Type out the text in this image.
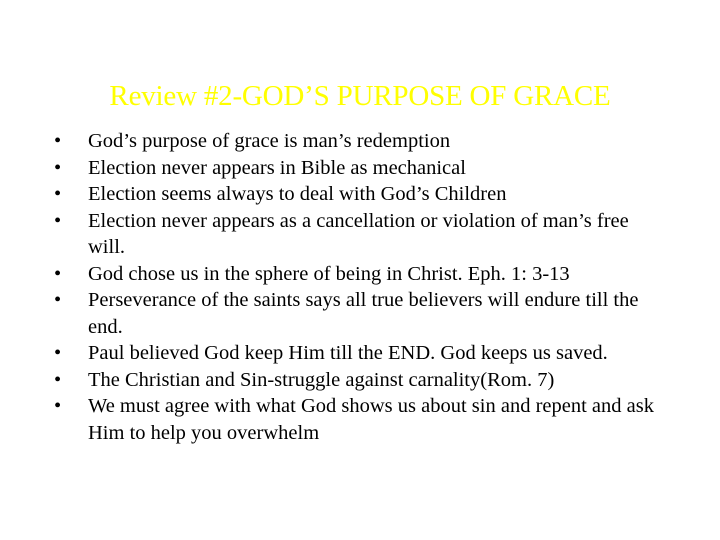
Review #2-GOD’S PURPOSE OF GRACE
•	God’s purpose of grace is man’s redemption
•	Election never appears in Bible as mechanical
•	Election seems always to deal with God’s Children
•	Election never appears as a cancellation or violation of man’s free will.
•	God chose us in the sphere of being in Christ. Eph. 1: 3-13
•	Perseverance of the saints says all true believers will endure till the end.
•	Paul believed God keep Him till the END. God keeps us saved.
•	The Christian and Sin-struggle against carnality(Rom. 7)
•	We must agree with what God shows us about sin and repent and ask Him to help you overwhelm
